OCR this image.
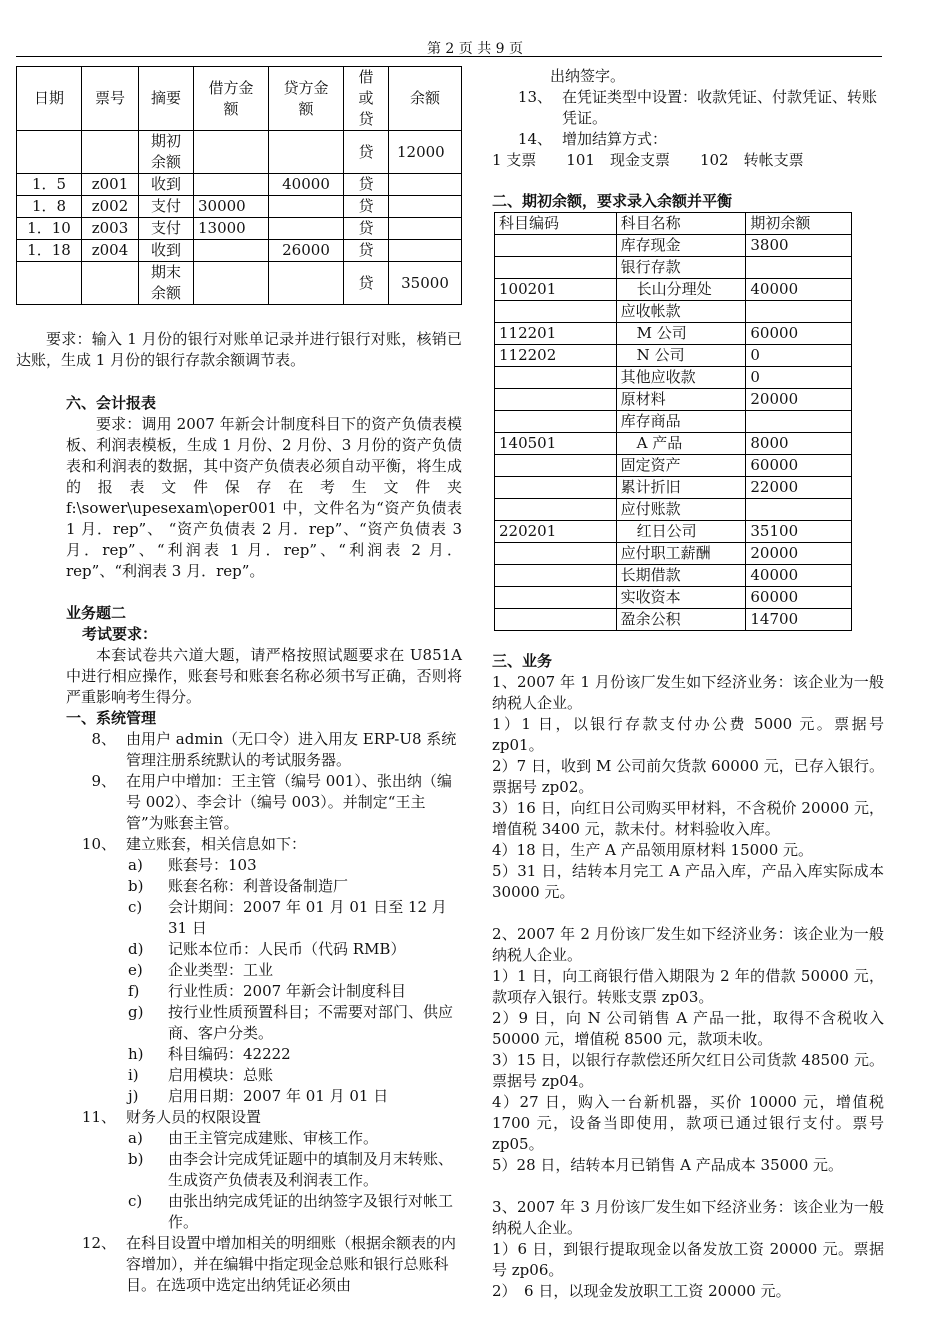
第 2 页 共 9 页
日期	票号	摘要	借方金额	贷方金额	借或贷	余额
		期初余额			贷	12000
1．5	z001	收到		40000	贷	
1．8	z002	支付	30000		贷	
1．10	z003	支付	13000		贷	
1．18	z004	收到		26000	贷	
		期末余额			贷	35000

要求：输入 1 月份的银行对账单记录并进行银行对账，核销已达账，生成 1 月份的银行存款余额调节表。

六、会计报表

要求：调用 2007 年新会计制度科目下的资产负债表模板、利润表模板，生成 1 月份、2 月份、3 月份的资产负债表和利润表的数据，其中资产负债表必须自动平衡，将生成的报表文件保存在考生文件夹 f:\sower\upesexam\oper001 中，文件名为“资产负债表 1 月．rep”、 “资产负债表 2 月．rep”、“资产负债表 3 月．rep”、“利润表 1 月．rep”、“利润表 2 月．rep”、“利润表 3 月．rep”。

业务题二

考试要求：

本套试卷共六道大题，请严格按照试题要求在 U851A 中进行相应操作，账套号和账套名称必须书写正确，否则将严重影响考生得分。

一、系统管理

8、 由用户 admin（无口令）进入用友 ERP-U8 系统管理注册系统默认的考试服务器。
9、 在用户中增加：王主管（编号 001）、张出纳（编号 002）、李会计（编号 003）。并制定“王主管”为账套主管。
10、 建立账套，相关信息如下：
a)	账套号：103
b)	账套名称：利普设备制造厂
c)	会计期间：2007 年 01 月 01 日至 12 月 31 日
d)	记账本位币：人民币（代码 RMB）
e)	企业类型：工业
f)	行业性质：2007 年新会计制度科目
g)	按行业性质预置科目；不需要对部门、供应商、客户分类。
h)	科目编码：42222
i)	启用模块：总账
j)	启用日期：2007 年 01 月 01 日
11、 财务人员的权限设置
a)	由王主管完成建账、审核工作。
b)	由李会计完成凭证题中的填制及月末转账、生成资产负债表及利润表工作。
c)	由张出纳完成凭证的出纳签字及银行对帐工作。
12、 在科目设置中增加相关的明细账（根据余额表的内容增加），并在编辑中指定现金总账和银行总账科目。在选项中选定出纳凭证必须由

出纳签字。

13、 在凭证类型中设置：收款凭证、付款凭证、转账凭证。
14、 增加结算方式：

1 支票　　101　现金支票　　102　转帐支票

二、期初余额，要求录入余额并平衡

科目编码	科目名称	期初余额
	库存现金	3800
	银行存款	
100201	长山分理处	40000
	应收帐款	
112201	M 公司	60000
112202	N 公司	0
	其他应收款	0
	原材料	20000
	库存商品	
140501	A 产品	8000
	固定资产	60000
	累计折旧	22000
	应付账款	
220201	红日公司	35100
	应付职工薪酬	20000
	长期借款	40000
	实收资本	60000
	盈余公积	14700

三、业务

1、2007 年 1 月份该厂发生如下经济业务：该企业为一般纳税人企业。

1）1 日，以银行存款支付办公费 5000 元。票据号 zp01。

2）7 日，收到 M 公司前欠货款 60000 元，已存入银行。票据号 zp02。

3）16 日，向红日公司购买甲材料，不含税价 20000 元，增值税 3400 元，款未付。材料验收入库。

4）18 日，生产 A 产品领用原材料 15000 元。

5）31 日，结转本月完工 A 产品入库，产品入库实际成本 30000 元。

2、2007 年 2 月份该厂发生如下经济业务：该企业为一般纳税人企业。

1）1 日，向工商银行借入期限为 2 年的借款 50000 元，款项存入银行。转账支票 zp03。

2）9 日，向 N 公司销售 A 产品一批，取得不含税收入 50000 元，增值税 8500 元，款项未收。

3）15 日，以银行存款偿还所欠红日公司货款 48500 元。票据号 zp04。

4）27 日，购入一台新机器，买价 10000 元，增值税 1700 元，设备当即使用，款项已通过银行支付。票号 zp05。

5）28 日，结转本月已销售 A 产品成本 35000 元。

3、2007 年 3 月份该厂发生如下经济业务：该企业为一般纳税人企业。

1）6 日，到银行提取现金以备发放工资 20000 元。票据号 zp06。

2）　6 日，以现金发放职工工资 20000 元。
